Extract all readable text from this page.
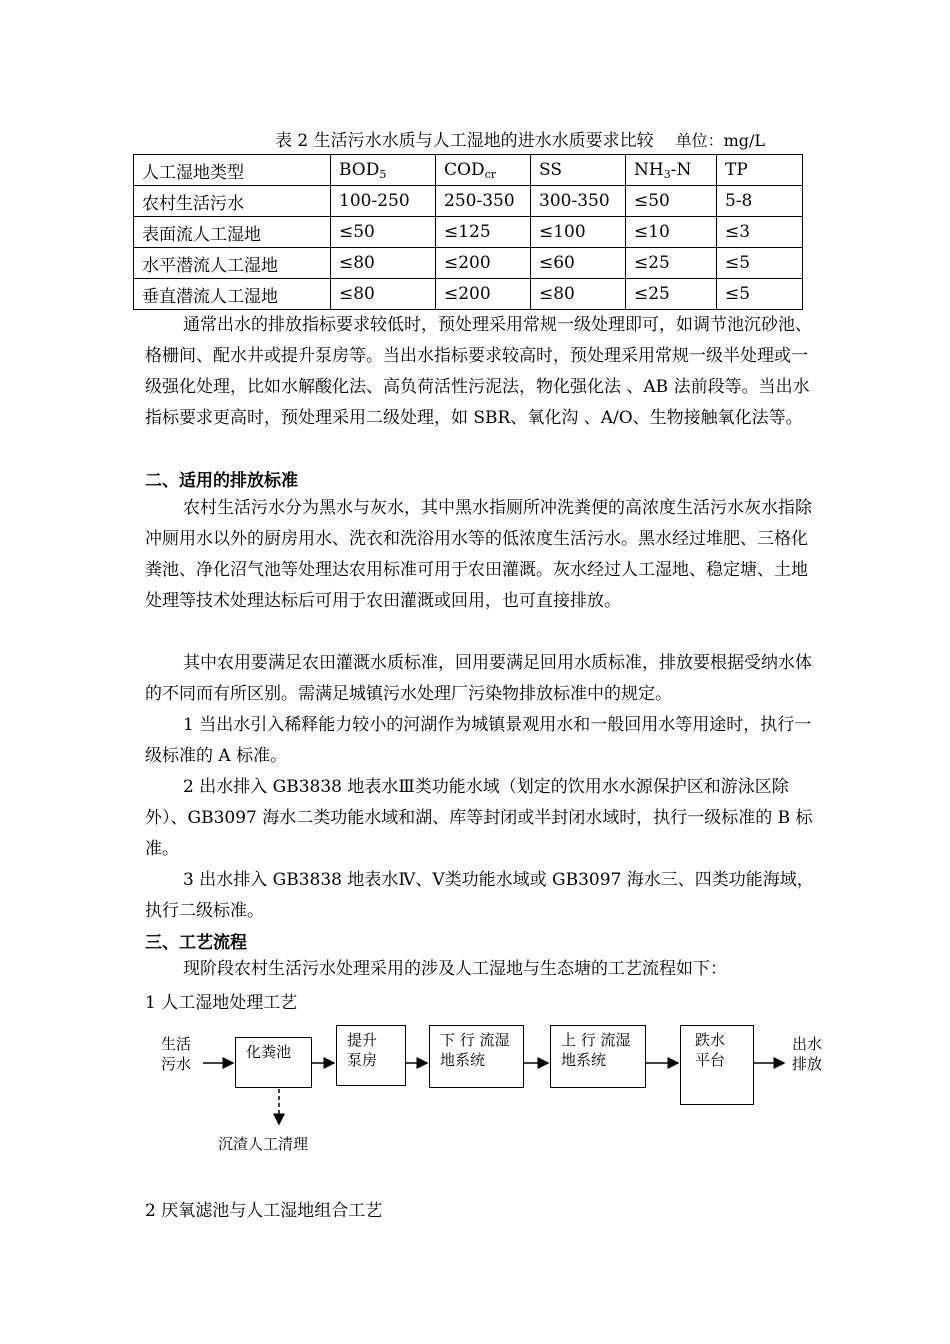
表 2 生活污水水质与人工湿地的进水水质要求比较 单位：mg/L
人工湿地类型	$BOD_5$	$COD_{cr}$	SS	$NH_3-N$	TP
农村生活污水	100-250	250-350	300-350	≤50	5-8
表面流人工湿地	≤50	≤125	≤100	≤10	≤3
水平潜流人工湿地	≤80	≤200	≤60	≤25	≤5
垂直潜流人工湿地	≤80	≤200	≤80	≤25	≤5
通常出水的排放指标要求较低时，预处理采用常规一级处理即可，如调节池沉砂池、格栅间、配水井或提升泵房等。当出水指标要求较高时，预处理采用常规一级半处理或一级强化处理，比如水解酸化法、高负荷活性污泥法，物化强化法 、AB 法前段等。当出水指标要求更高时，预处理采用二级处理，如 SBR、氧化沟 、A/O、生物接触氧化法等。
二、适用的排放标准
农村生活污水分为黑水与灰水，其中黑水指厕所冲洗粪便的高浓度生活污水灰水指除冲厕用水以外的厨房用水、洗衣和洗浴用水等的低浓度生活污水。黑水经过堆肥、三格化粪池、净化沼气池等处理达农用标准可用于农田灌溉。灰水经过人工湿地、稳定塘、土地处理等技术处理达标后可用于农田灌溉或回用，也可直接排放。
其中农用要满足农田灌溉水质标准，回用要满足回用水质标准，排放要根据受纳水体的不同而有所区别。需满足城镇污水处理厂污染物排放标准中的规定。
1 当出水引入稀释能力较小的河湖作为城镇景观用水和一般回用水等用途时，执行一级标准的 A 标准。
2 出水排入 GB3838 地表水Ⅲ类功能水域（划定的饮用水水源保护区和游泳区除外）、GB3097 海水二类功能水域和湖、库等封闭或半封闭水域时，执行一级标准的 B 标准。
3 出水排入 GB3838 地表水Ⅳ、Ⅴ类功能水域或 GB3097 海水三、四类功能海域，执行二级标准。
三、工艺流程
现阶段农村生活污水处理采用的涉及人工湿地与生态塘的工艺流程如下：
1 人工湿地处理工艺
生活
污水
化粪池
提升
泵房
下 行 流湿
地系统
上 行 流湿
地系统
跌水
平台
出水
排放
沉渣人工清理
2 厌氧滤池与人工湿地组合工艺
